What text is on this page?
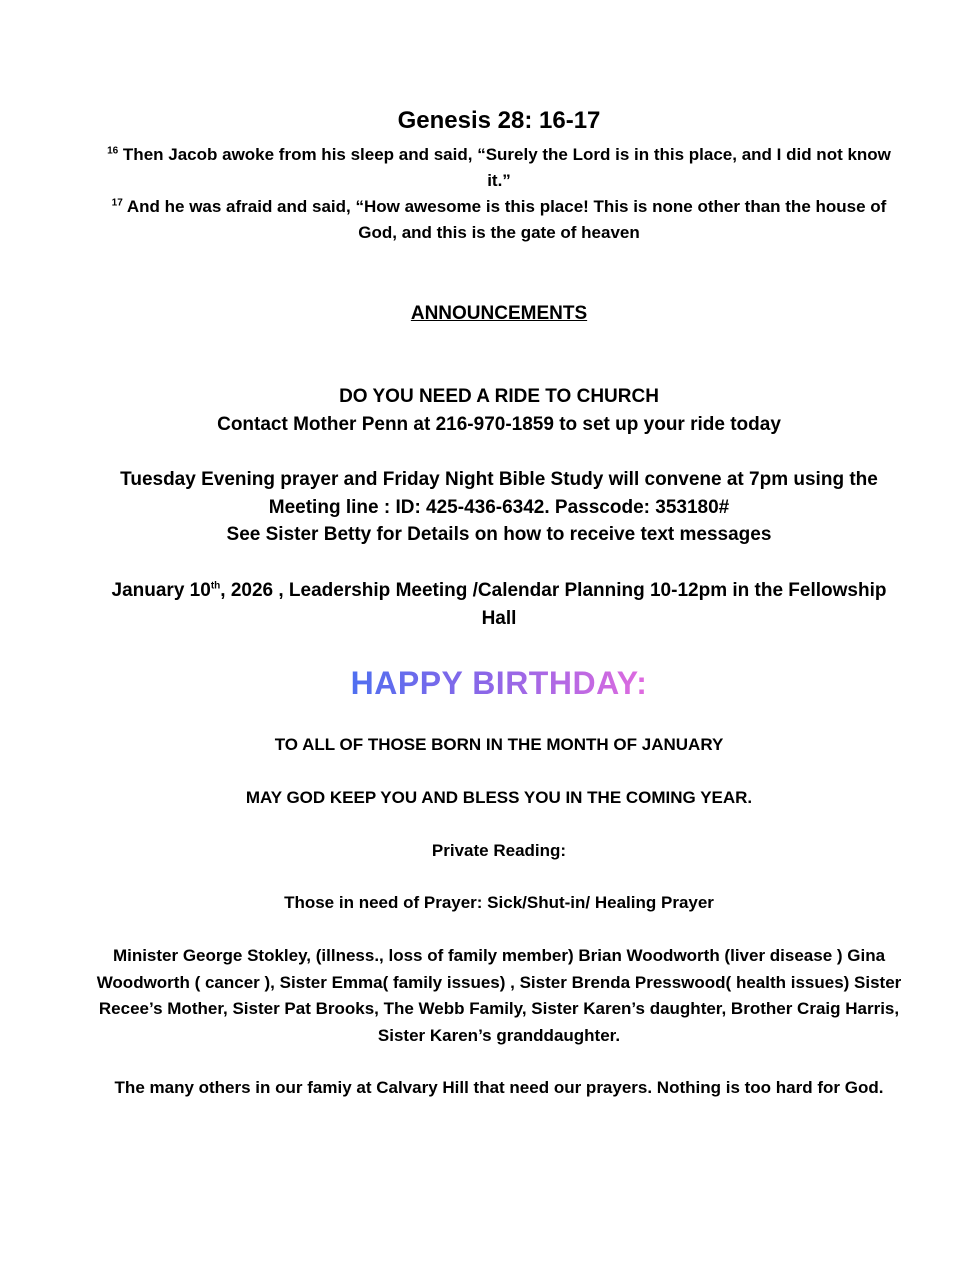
Genesis 28: 16-17
$^{16}$ Then Jacob awoke from his sleep and said, “Surely the Lord is in this place, and I did not know it.”
$^{17}$ And he was afraid and said, “How awesome is this place! This is none other than the house of God, and this is the gate of heaven
ANNOUNCEMENTS
DO YOU NEED A RIDE TO CHURCH
Contact Mother Penn at 216-970-1859 to set up your ride today
Tuesday Evening prayer and Friday Night Bible Study will convene at 7pm using the Meeting line : ID: 425-436-6342. Passcode: 353180#
See Sister Betty for Details on how to receive text messages
January 10th, 2026 , Leadership Meeting /Calendar Planning 10-12pm in the Fellowship Hall
HAPPY BIRTHDAY:
TO ALL OF THOSE BORN IN THE MONTH OF JANUARY
MAY GOD KEEP YOU AND BLESS YOU IN THE COMING YEAR.
Private Reading:
Those in need of Prayer: Sick/Shut-in/ Healing Prayer
Minister George Stokley, (illness., loss of family member) Brian Woodworth (liver disease ) Gina Woodworth ( cancer ), Sister Emma( family issues) , Sister Brenda Presswood( health issues) Sister Recee’s Mother, Sister Pat Brooks, The Webb Family, Sister Karen’s daughter, Brother Craig Harris, Sister Karen’s granddaughter.
The many others in our famiy at Calvary Hill that need our prayers. Nothing is too hard for God.
